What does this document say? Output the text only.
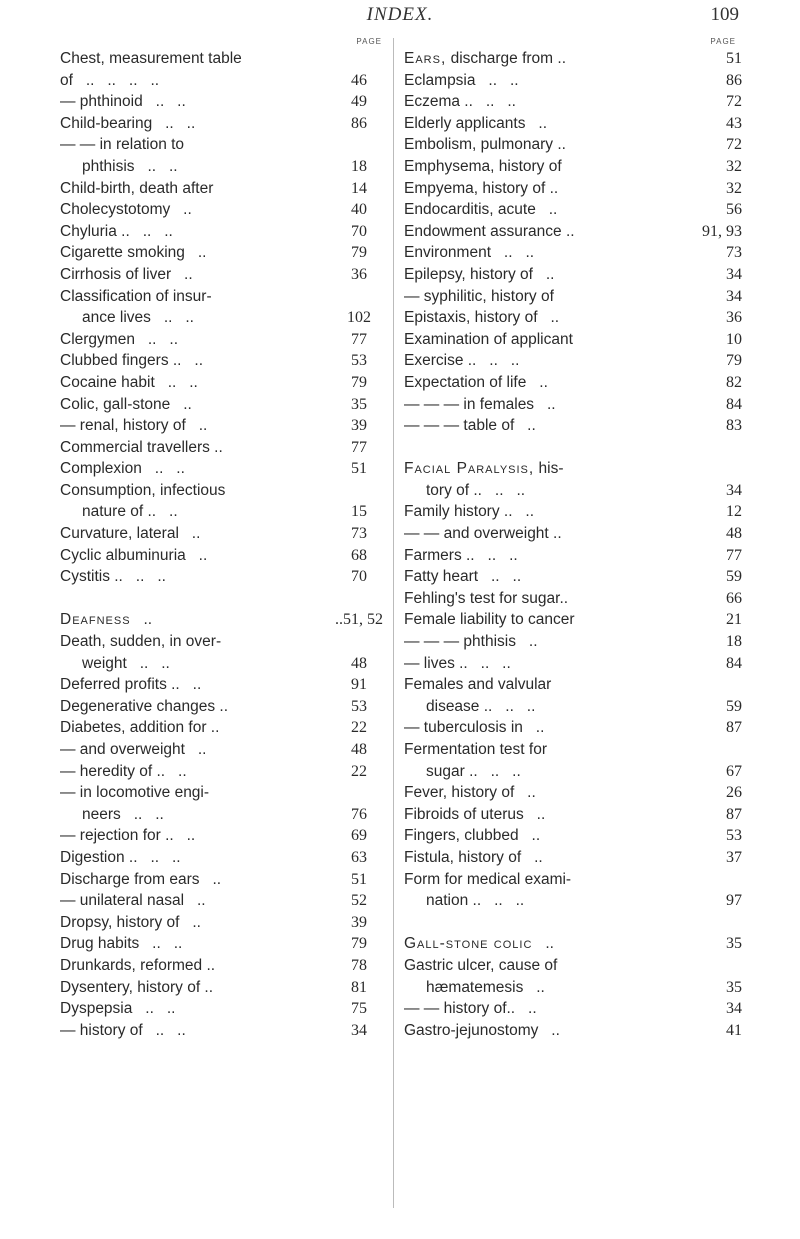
INDEX.	109
PAGE
Chest, measurement table
of   ..   ..   ..   ..	46
— phthinoid   ..   ..	49
Child-bearing   ..   ..	86
— — in relation to
phthisis   ..   ..	18
Child-birth, death after	14
Cholecystotomy   ..	40
Chyluria ..   ..   ..	70
Cigarette smoking   ..	79
Cirrhosis of liver   ..	36
Classification of insur-
ance lives   ..   ..	102
Clergymen   ..   ..	77
Clubbed fingers ..   ..	53
Cocaine habit   ..   ..	79
Colic, gall-stone   ..	35
— renal, history of   ..	39
Commercial travellers ..	77
Complexion   ..   ..	51
Consumption, infectious
nature of ..   ..	15
Curvature, lateral   ..	73
Cyclic albuminuria   ..	68
Cystitis ..   ..   ..	70
Deafness   ..	..51, 52
Death, sudden, in over-
weight   ..   ..	48
Deferred profits ..   ..	91
Degenerative changes ..	53
Diabetes, addition for ..	22
— and overweight   ..	48
— heredity of ..   ..	22
— in locomotive engi-
neers   ..   ..	76
— rejection for ..   ..	69
Digestion ..   ..   ..	63
Discharge from ears   ..	51
— unilateral nasal   ..	52
Dropsy, history of   ..	39
Drug habits   ..   ..	79
Drunkards, reformed ..	78
Dysentery, history of ..	81
Dyspepsia   ..   ..	75
— history of   ..   ..	34
PAGE
Ears, discharge from ..	51
Eclampsia   ..   ..	86
Eczema ..   ..   ..	72
Elderly applicants   ..	43
Embolism, pulmonary ..	72
Emphysema, history of	32
Empyema, history of ..	32
Endocarditis, acute   ..	56
Endowment assurance ..	91, 93
Environment   ..   ..	73
Epilepsy, history of   ..	34
— syphilitic, history of	34
Epistaxis, history of   ..	36
Examination of applicant	10
Exercise ..   ..   ..	79
Expectation of life   ..	82
— — — in females   ..	84
— — — table of   ..	83
Facial Paralysis, his-
tory of ..   ..   ..	34
Family history ..   ..	12
— — and overweight ..	48
Farmers ..   ..   ..	77
Fatty heart   ..   ..	59
Fehling's test for sugar..	66
Female liability to cancer	21
— — — phthisis   ..	18
— lives ..   ..   ..	84
Females and valvular
disease ..   ..   ..	59
— tuberculosis in   ..	87
Fermentation test for
sugar ..   ..   ..	67
Fever, history of   ..	26
Fibroids of uterus   ..	87
Fingers, clubbed   ..	53
Fistula, history of   ..	37
Form for medical exami-
nation ..   ..   ..	97
Gall-stone colic   ..	35
Gastric ulcer, cause of
hæmatemesis   ..	35
— — history of..   ..	34
Gastro-jejunostomy   ..	41
